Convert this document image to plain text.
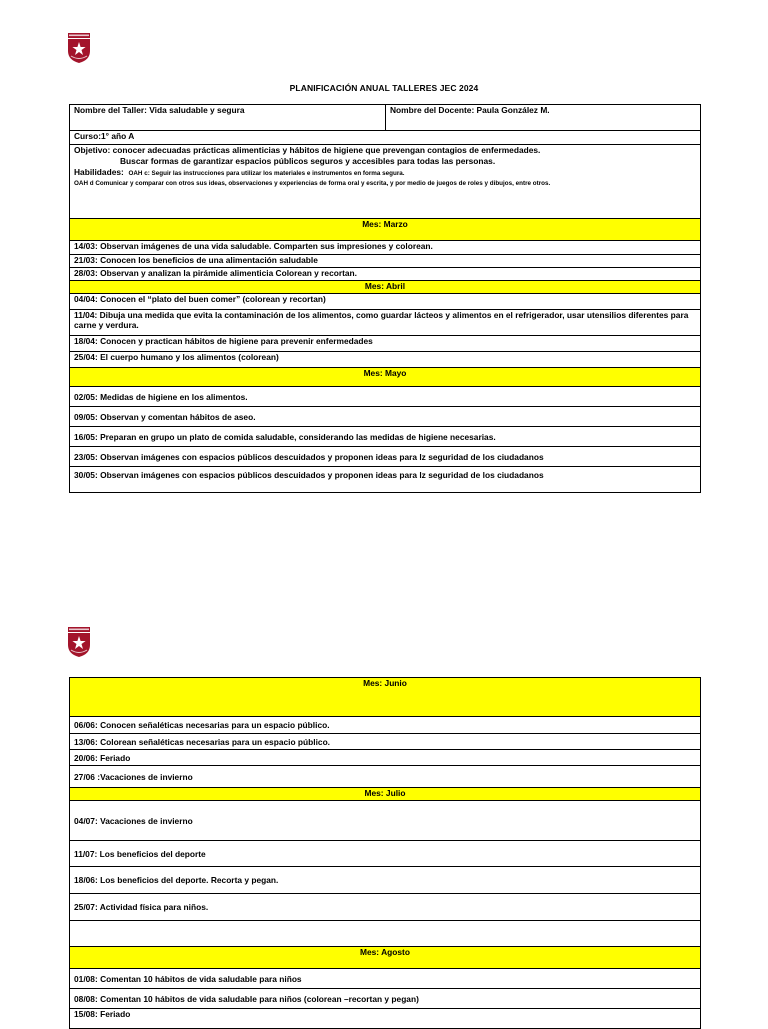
PLANIFICACIÓN ANUAL TALLERES JEC 2024
Nombre del Taller: Vida saludable y segura	Nombre del Docente: Paula González M.
Curso:1° año A

Objetivo: conocer adecuadas prácticas alimenticias y hábitos de higiene que prevengan contagios de enfermedades.
Buscar formas de garantizar espacios públicos seguros y accesibles para todas las personas.
Habilidades: OAH c: Seguir las instrucciones para utilizar los materiales e instrumentos en forma segura.
OAH d Comunicar y comparar con otros sus ideas, observaciones y experiencias de forma oral y escrita, y por medio de juegos de roles y dibujos, entre otros.

Mes: Marzo
14/03: Observan imágenes de una vida saludable. Comparten sus impresiones y colorean.
21/03: Conocen los beneficios de una alimentación saludable
28/03: Observan y analizan la pirámide alimenticia Colorean y recortan.
Mes: Abril
04/04: Conocen el “plato del buen comer” (colorean y recortan)
11/04: Dibuja una medida que evita la contaminación de los alimentos, como guardar lácteos y alimentos en el refrigerador, usar utensilios diferentes para carne y verdura.
18/04: Conocen y practican hábitos de higiene para prevenir enfermedades
25/04: El cuerpo humano y los alimentos (colorean)
Mes: Mayo
02/05: Medidas de higiene en los alimentos.
09/05: Observan y comentan hábitos de aseo.
16/05: Preparan en grupo un plato de comida saludable, considerando las medidas de higiene necesarias.
23/05: Observan imágenes con espacios públicos descuidados y proponen ideas para lz seguridad de los ciudadanos
30/05: Observan imágenes con espacios públicos descuidados y proponen ideas para lz seguridad de los ciudadanos
Mes: Junio
06/06: Conocen señaléticas necesarias para un espacio público.
13/06: Colorean señaléticas necesarias para un espacio público.
20/06: Feriado
27/06 :Vacaciones de invierno
Mes: Julio
04/07: Vacaciones de invierno
11/07: Los beneficios del deporte
18/06: Los beneficios del deporte. Recorta y pegan.
25/07: Actividad física para niños.

Mes: Agosto
01/08: Comentan 10 hábitos de vida saludable para niños
08/08: Comentan 10 hábitos de vida saludable para niños (colorean –recortan y pegan)
15/08: Feriado
